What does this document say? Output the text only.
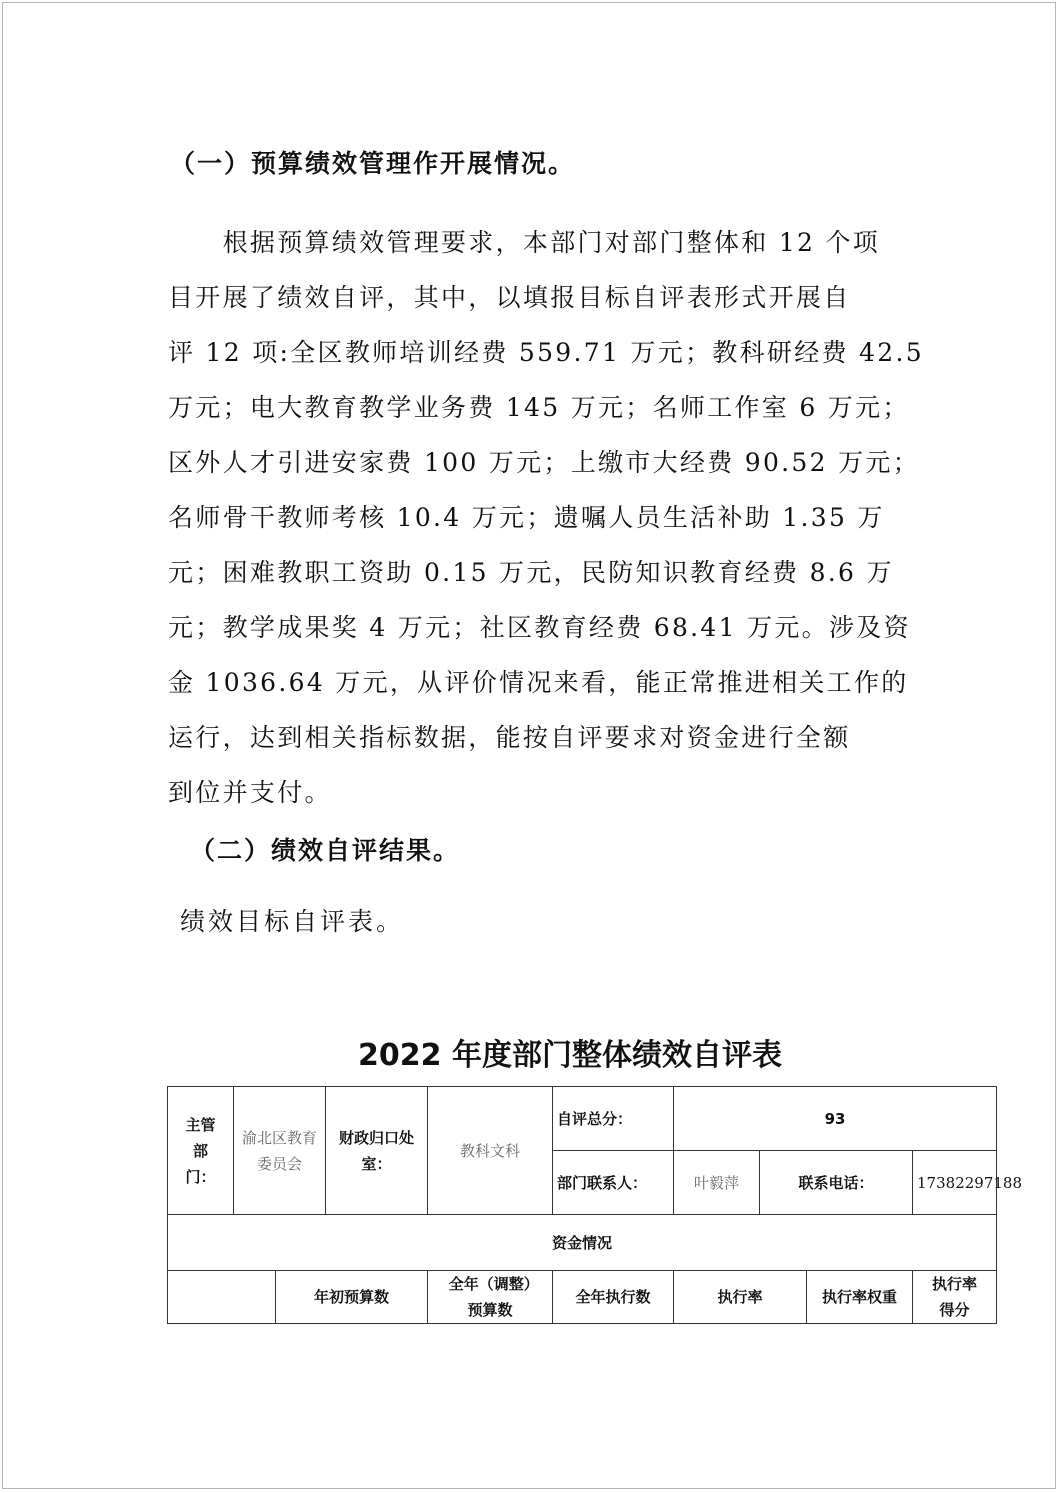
（一）预算绩效管理作开展情况。
　　根据预算绩效管理要求，本部门对部门整体和 12 个项
目开展了绩效自评，其中，以填报目标自评表形式开展自
评 12 项:全区教师培训经费 559.71 万元；教科研经费 42.5
万元；电大教育教学业务费 145 万元；名师工作室 6 万元；
区外人才引进安家费 100 万元；上缴市大经费 90.52 万元；
名师骨干教师考核 10.4 万元；遗嘱人员生活补助 1.35 万
元；困难教职工资助 0.15 万元，民防知识教育经费 8.6 万
元；教学成果奖 4 万元；社区教育经费 68.41 万元。涉及资
金 1036.64 万元，从评价情况来看，能正常推进相关工作的
运行，达到相关指标数据，能按自评要求对资金进行全额
到位并支付。
（二）绩效自评结果。
绩效目标自评表。
2022 年度部门整体绩效自评表
主管部门：	渝北区教育委员会		财政归口处室：	教科文科	自评总分：	93			
					部门联系人：	叶毅萍	联系电话：		17382297188
资金情况									
		年初预算数		全年（调整）预算数	全年执行数	执行率		执行率权重	执行率得分
